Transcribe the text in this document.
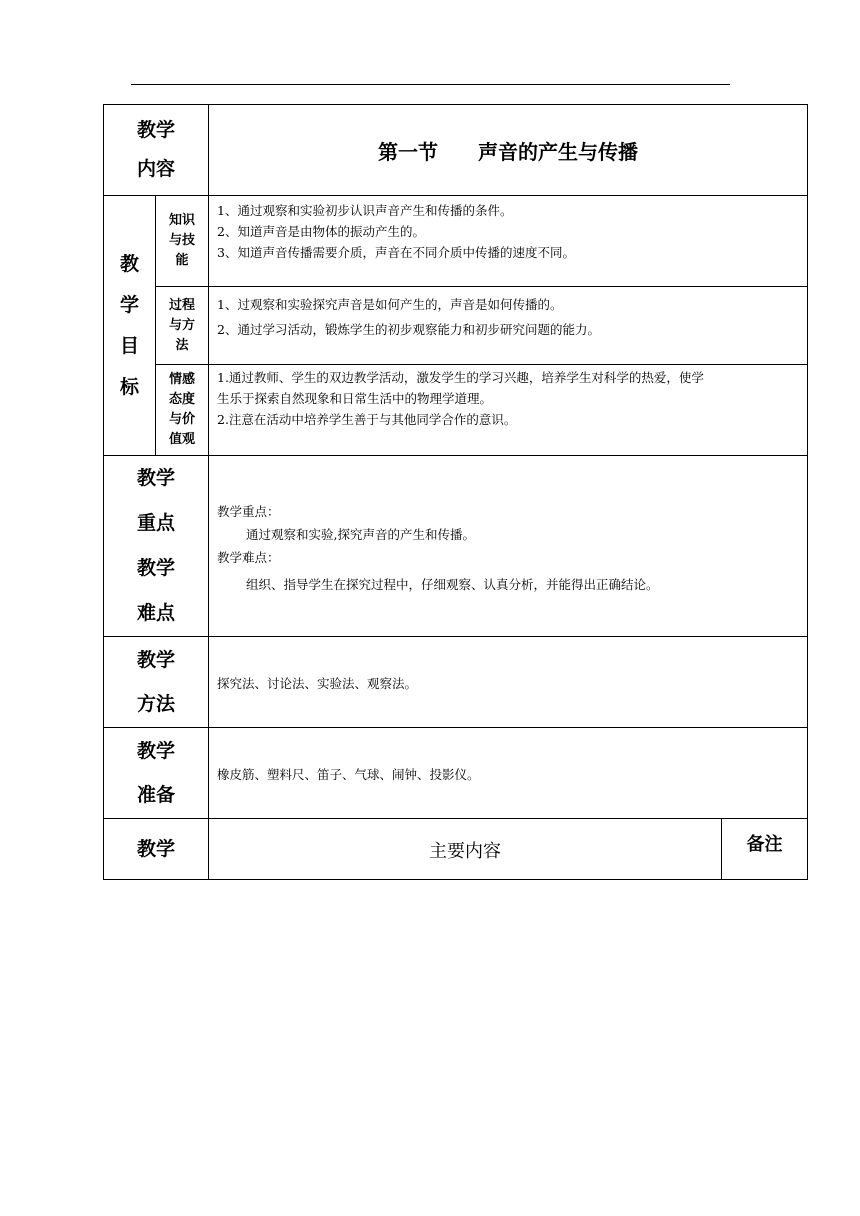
教学
内容
第一节　　声音的产生与传播
教
学
目
标
知识
与技
能

1、通过观察和实验初步认识声音产生和传播的条件。

2、知道声音是由物体的振动产生的。

3、知道声音传播需要介质，声音在不同介质中传播的速度不同。

过程
与方
法

1、过观察和实验探究声音是如何产生的，声音是如何传播的。

2、通过学习活动，锻炼学生的初步观察能力和初步研究问题的能力。

情感
态度
与价
值观

1.通过教师、学生的双边教学活动，激发学生的学习兴趣，培养学生对科学的热爱，使学

生乐于探索自然现象和日常生活中的物理学道理。

2.注意在活动中培养学生善于与其他同学合作的意识。

教学
重点
教学
难点

教学重点：

通过观察和实验,探究声音的产生和传播。

教学难点：

组织、指导学生在探究过程中，仔细观察、认真分析，并能得出正确结论。

教学
方法

探究法、讨论法、实验法、观察法。

教学
准备

橡皮筋、塑料尺、笛子、气球、闹钟、投影仪。

教学	主要内容	备注
